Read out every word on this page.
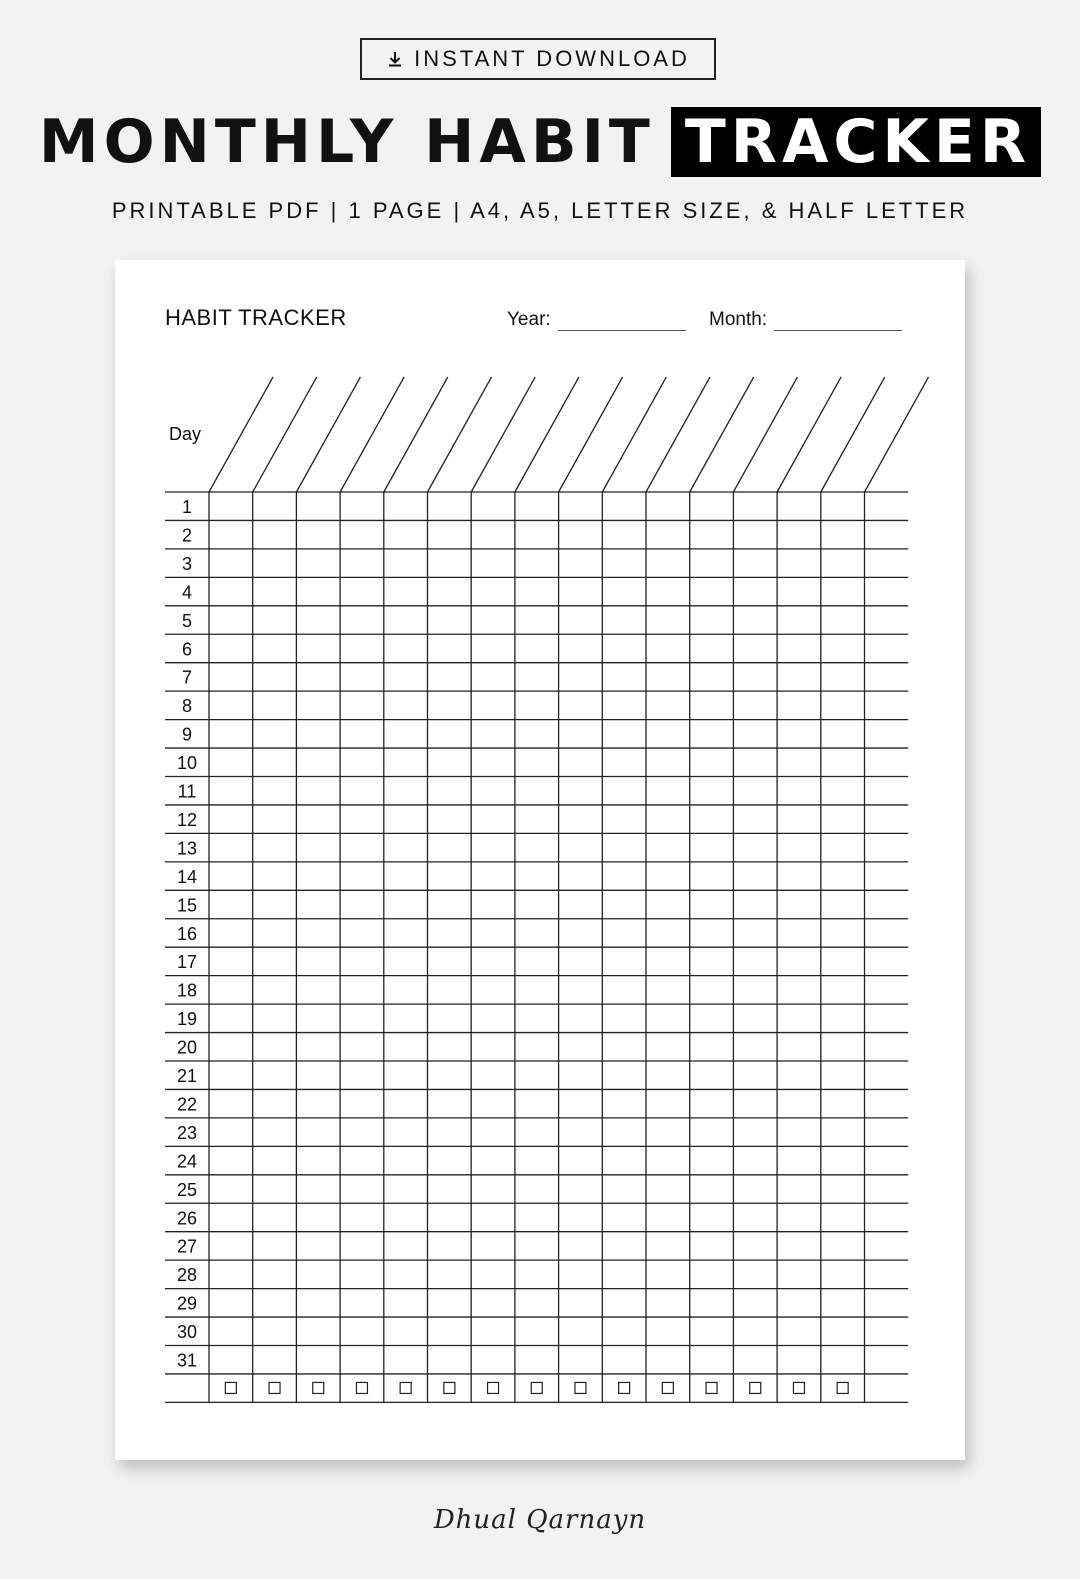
INSTANT DOWNLOAD
MONTHLY HABIT TRACKER
PRINTABLE PDF | 1 PAGE | A4, A5, LETTER SIZE, & HALF LETTER
HABIT TRACKER	Year:	Month:
Day
1
2
3
4
5
6
7
8
9
10
11
12
13
14
15
16
17
18
19
20
21
22
23
24
25
26
27
28
29
30
31
Dhual Qarnayn
